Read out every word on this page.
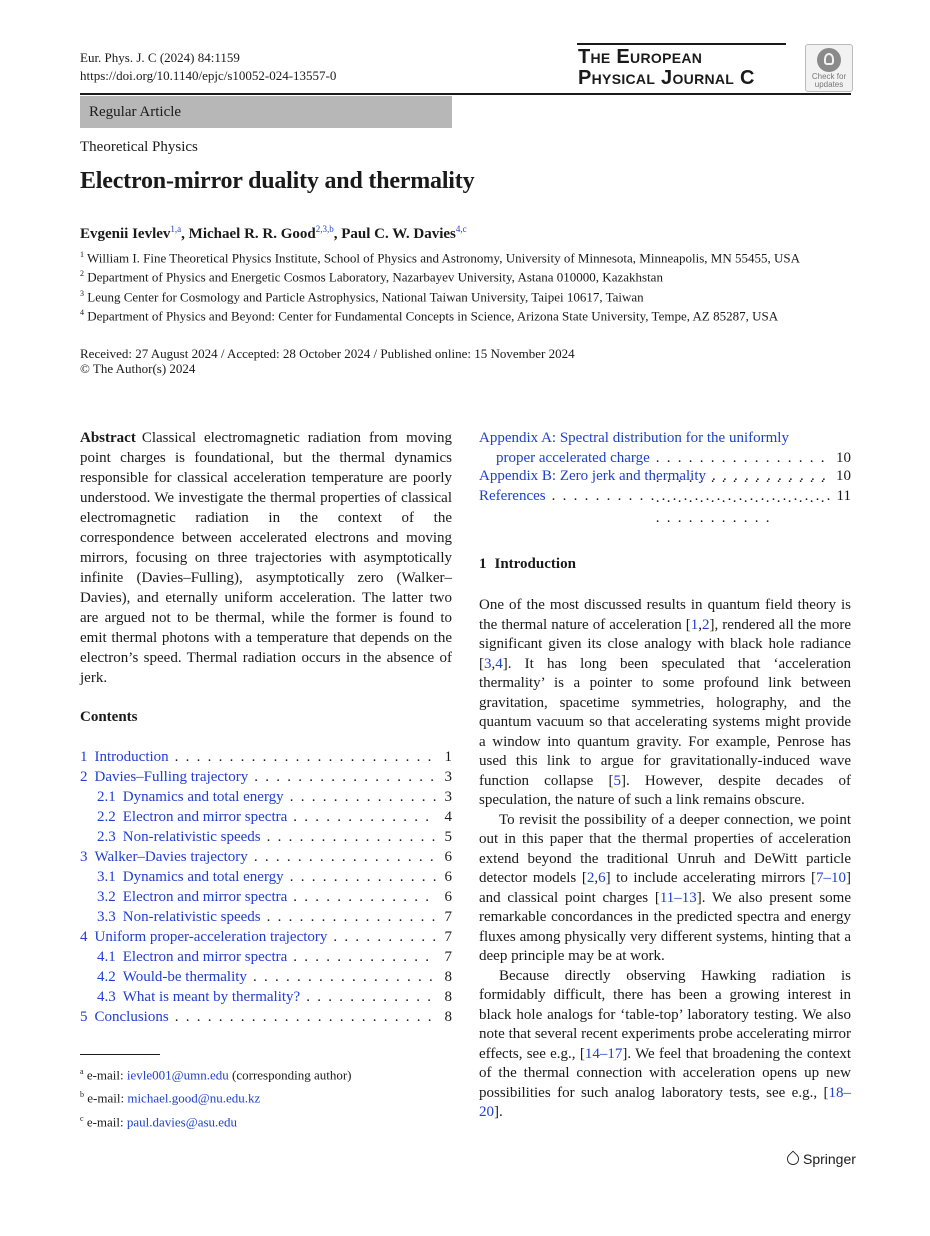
Eur. Phys. J. C (2024) 84:1159
https://doi.org/10.1140/epjc/s10052-024-13557-0
The European
Physical Journal C	Check for
updates
Regular Article
Theoretical Physics
Electron-mirror duality and thermality
Evgenii Ievlev$^{1,a}$, Michael R. R. Good$^{2,3,b}$, Paul C. W. Davies$^{4,c}$
$^1$ William I. Fine Theoretical Physics Institute, School of Physics and Astronomy, University of Minnesota, Minneapolis, MN 55455, USA
$^2$ Department of Physics and Energetic Cosmos Laboratory, Nazarbayev University, Astana 010000, Kazakhstan
$^3$ Leung Center for Cosmology and Particle Astrophysics, National Taiwan University, Taipei 10617, Taiwan
$^4$ Department of Physics and Beyond: Center for Fundamental Concepts in Science, Arizona State University, Tempe, AZ 85287, USA
Received: 27 August 2024 / Accepted: 28 October 2024 / Published online: 15 November 2024
© The Author(s) 2024

Abstract Classical electromagnetic radiation from moving point charges is foundational, but the thermal dynamics responsible for classical acceleration temperature are poorly understood. We investigate the thermal properties of classical electromagnetic radiation in the context of the correspondence between accelerated electrons and moving mirrors, focusing on three trajectories with asymptotically infinite (Davies–Fulling), asymptotically zero (Walker–Davies), and eternally uniform acceleration. The latter two are argued not to be thermal, while the former is found to emit thermal photons with a temperature that depends on the electron’s speed. Thermal radiation occurs in the absence of jerk.

Contents
1 Introduction . . .	1
2 Davies–Fulling trajectory . . .	3
2.1 Dynamics and total energy . . .	3
2.2 Electron and mirror spectra . . .	4
2.3 Non-relativistic speeds . . .	5
3 Walker–Davies trajectory . . .	6
3.1 Dynamics and total energy . . .	6
3.2 Electron and mirror spectra . . .	6
3.3 Non-relativistic speeds . . .	7
4 Uniform proper-acceleration trajectory . . .	7
4.1 Electron and mirror spectra . . .	7
4.2 Would-be thermality . . .	8
4.3 What is meant by thermality? . . .	8
5 Conclusions . . .	8
$^a$ e-mail: ievle001@umn.edu (corresponding author)
$^b$ e-mail: michael.good@nu.edu.kz
$^c$ e-mail: paul.davies@asu.edu
Appendix A: Spectral distribution for the uniformly
proper accelerated charge . . .	10
Appendix B: Zero jerk and thermality . . .	10
References . . .	11
1 Introduction

One of the most discussed results in quantum field theory is the thermal nature of acceleration [1,2], rendered all the more significant given its close analogy with black hole radiance [3,4]. It has long been speculated that ‘acceleration thermality’ is a pointer to some profound link between gravitation, spacetime symmetries, holography, and the quantum vacuum so that accelerating systems might provide a window into quantum gravity. For example, Penrose has used this link to argue for gravitationally-induced wave function collapse [5]. However, despite decades of speculation, the nature of such a link remains obscure.

To revisit the possibility of a deeper connection, we point out in this paper that the thermal properties of acceleration extend beyond the traditional Unruh and DeWitt particle detector models [2,6] to include accelerating mirrors [7–10] and classical point charges [11–13]. We also present some remarkable concordances in the predicted spectra and energy fluxes among physically very different systems, hinting that a deep principle may be at work.

Because directly observing Hawking radiation is formidably difficult, there has been a growing interest in black hole analogs for ‘table-top’ laboratory testing. We also note that several recent experiments probe accelerating mirror effects, see e.g., [14–17]. We feel that broadening the context of the thermal connection with acceleration opens up new possibilities for such analog laboratory tests, see e.g., [18–20].

Springer
